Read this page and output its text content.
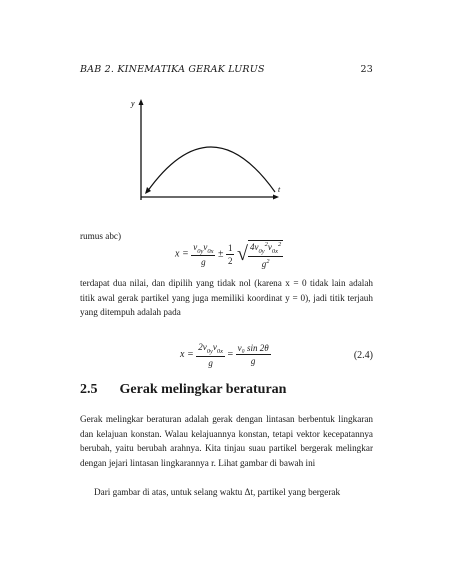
BAB 2. KINEMATIKA GERAK LURUS	23
y
t
rumus abc)
$x = \frac{v_{0y}v_{0x}}{g} \pm \frac{1}{2}$ √ $\frac{4v_{0y}^2v_{0x}^2}{g^2}$
terdapat dua nilai, dan dipilih yang tidak nol (karena x = 0 tidak lain adalah titik awal gerak partikel yang juga memiliki koordinat y = 0), jadi titik terjauh yang ditempuh adalah pada
$x = \frac{2v_{0y}v_{0x}}{g} = \frac{\text{v₀ sin 2θ}}{g}$	(2.4)
2.5 Gerak melingkar beraturan
Gerak melingkar beraturan adalah gerak dengan lintasan berbentuk lingkaran dan kelajuan konstan. Walau kelajuannya konstan, tetapi vektor kecepatannya berubah, yaitu berubah arahnya. Kita tinjau suau partikel bergerak melingkar dengan jejari lintasan lingkarannya r. Lihat gambar di bawah ini
Dari gambar di atas, untuk selang waktu Δt, partikel yang bergerak
